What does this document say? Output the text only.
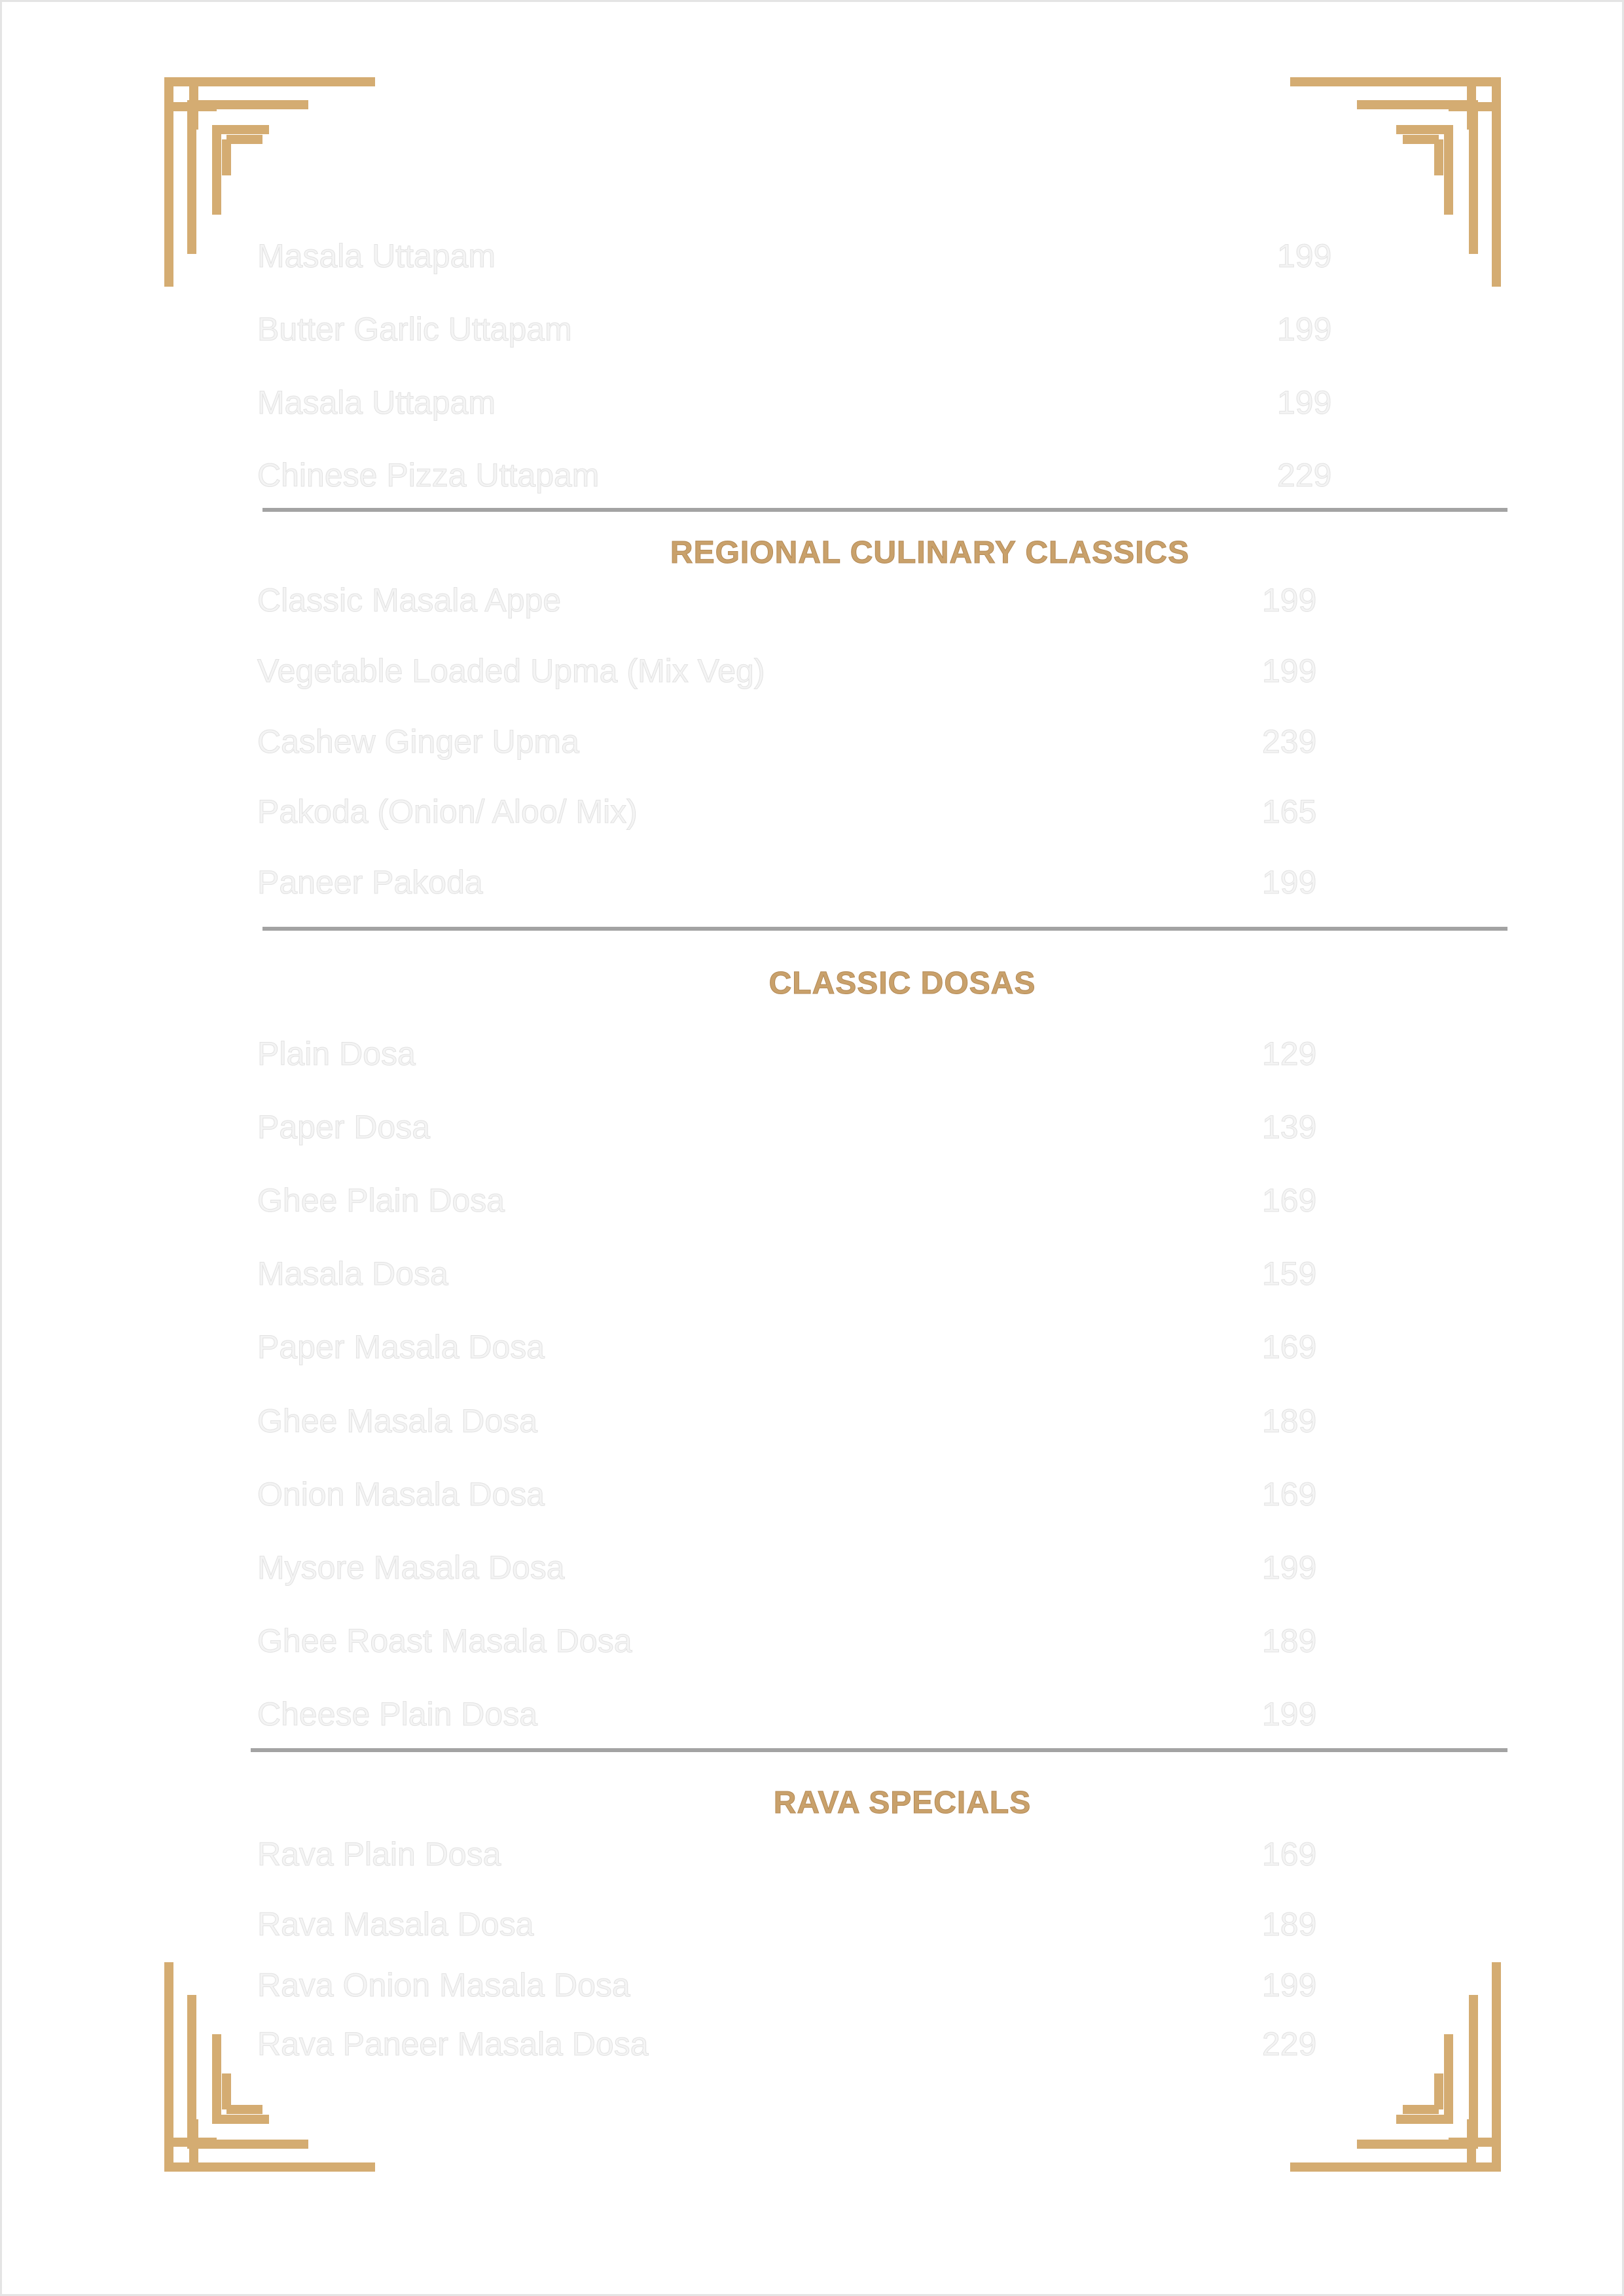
Masala Uttapam	199
Butter Garlic Uttapam	199
Masala Uttapam	199
Chinese Pizza Uttapam	229
REGIONAL CULINARY CLASSICS
Classic Masala Appe	199
Vegetable Loaded Upma (Mix Veg)	199
Cashew Ginger Upma	239
Pakoda (Onion/ Aloo/ Mix)	165
Paneer Pakoda	199
CLASSIC DOSAS
Plain Dosa	129
Paper Dosa	139
Ghee Plain Dosa	169
Masala Dosa	159
Paper Masala Dosa	169
Ghee Masala Dosa	189
Onion Masala Dosa	169
Mysore Masala Dosa	199
Ghee Roast Masala Dosa	189
Cheese Plain Dosa	199
RAVA SPECIALS
Rava Plain Dosa	169
Rava Masala Dosa	189
Rava Onion Masala Dosa	199
Rava Paneer Masala Dosa	229
